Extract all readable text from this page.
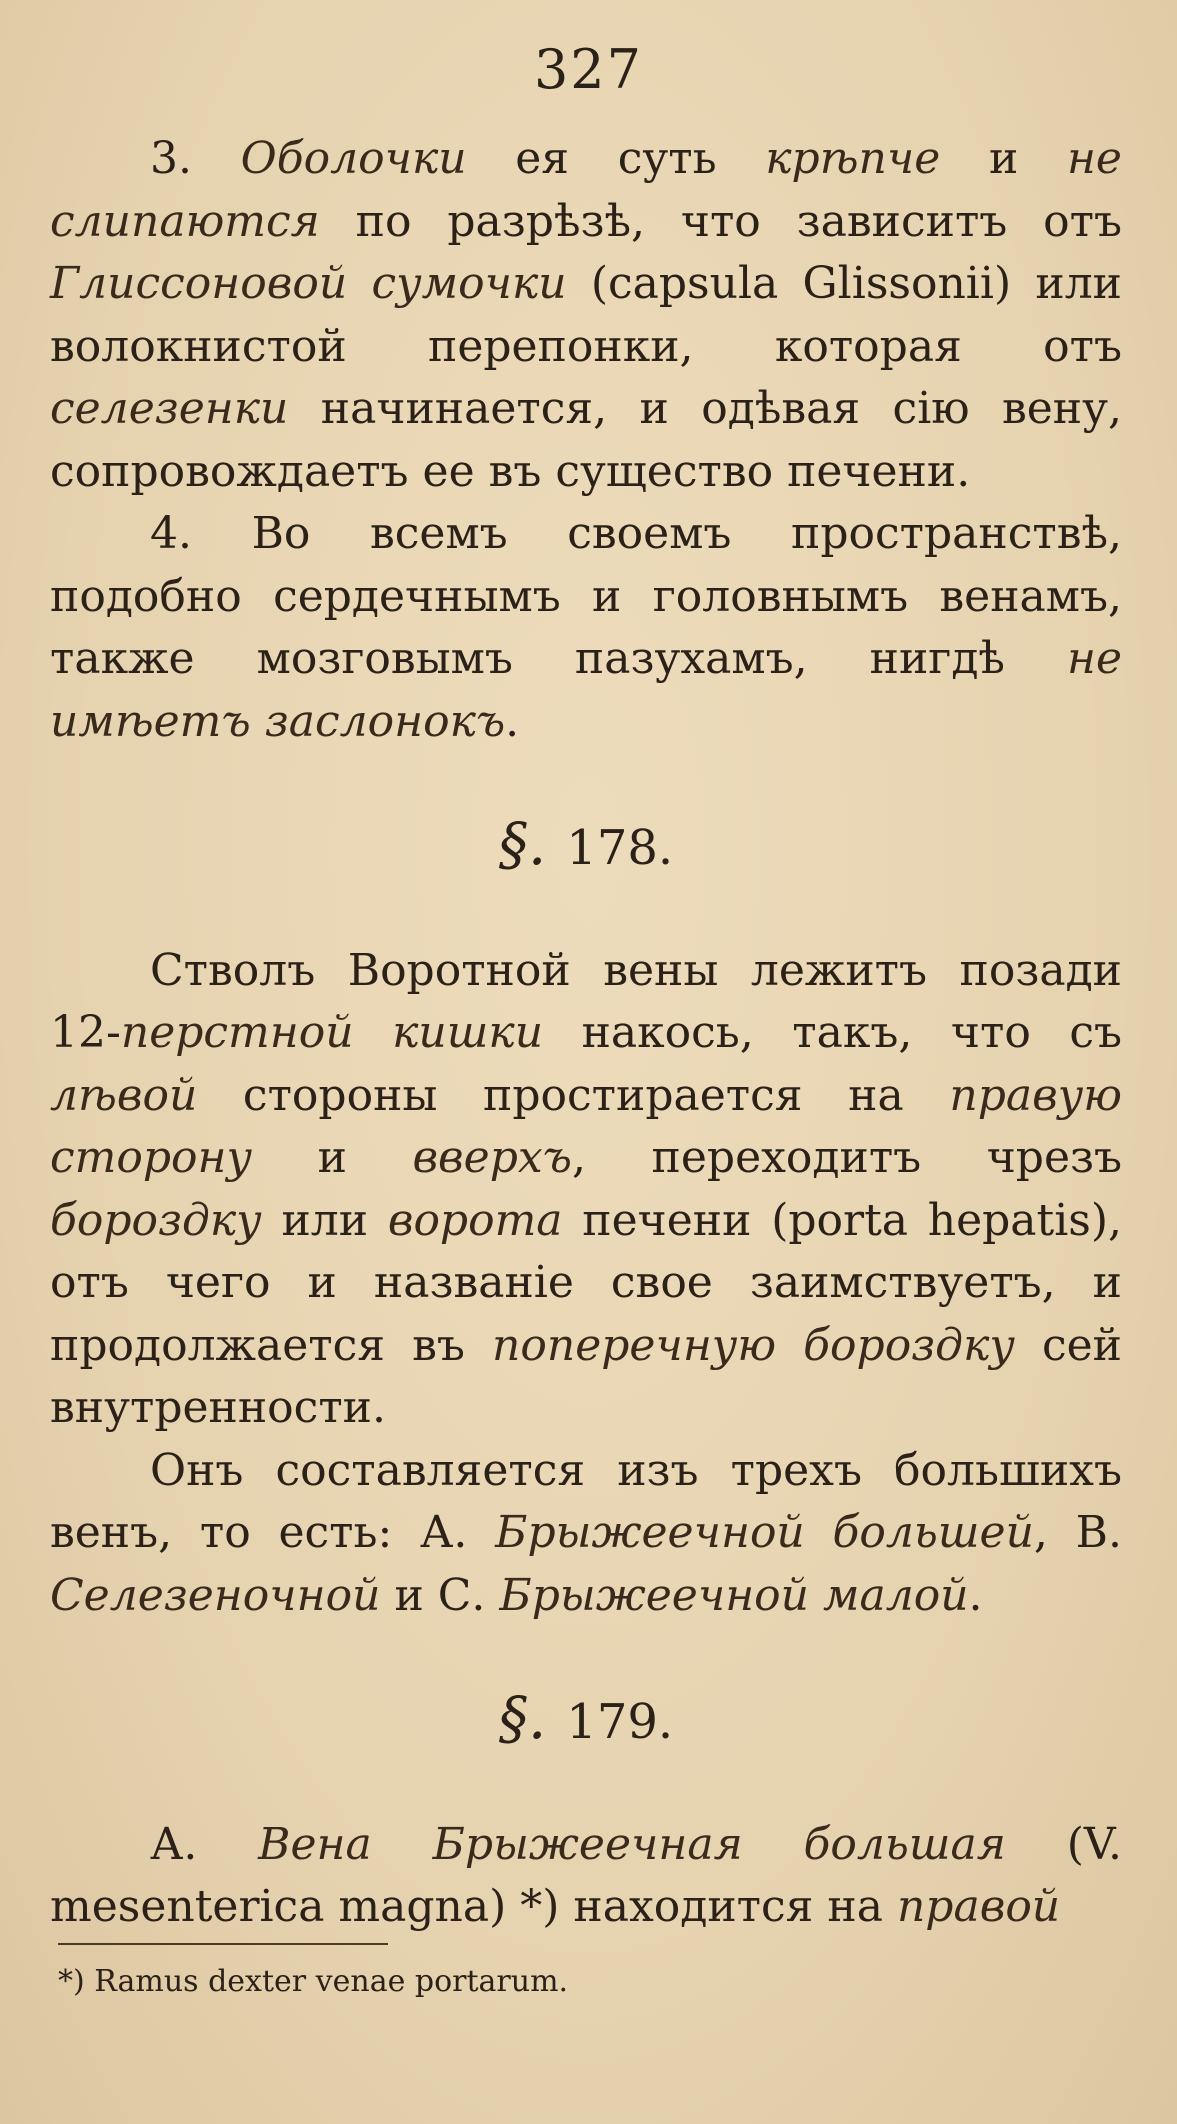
327

3. Оболочки ея суть крѣпче и не слипаются по разрѣзѣ, что зависитъ отъ Глиссоновой сумочки (capsula Glissonii) или волокнистой перепонки, которая отъ селезенки начинается, и одѣвая сію вену, сопровождаетъ ее въ существо печени.

4. Во всемъ своемъ пространствѣ, подобно сердечнымъ и головнымъ венамъ, также мозговымъ пазухамъ, нигдѣ не имѣетъ заслонокъ.

§. 178.

Стволъ Воротной вены лежитъ позади 12-перстной кишки накось, такъ, что съ лѣвой стороны простирается на правую сторону и вверхъ, переходитъ чрезъ бороздку или ворота печени (porta hepatis), отъ чего и названіе свое заимствуетъ, и продолжается въ поперечную бороздку сей внутренности.

Онъ составляется изъ трехъ большихъ венъ, то есть: А. Брыжеечной большей, В. Селезеночной и С. Брыжеечной малой.

§. 179.

А. Вена Брыжеечная большая (V. mesenterica magna) *) находится на правой

*) Ramus dexter venae portarum.
